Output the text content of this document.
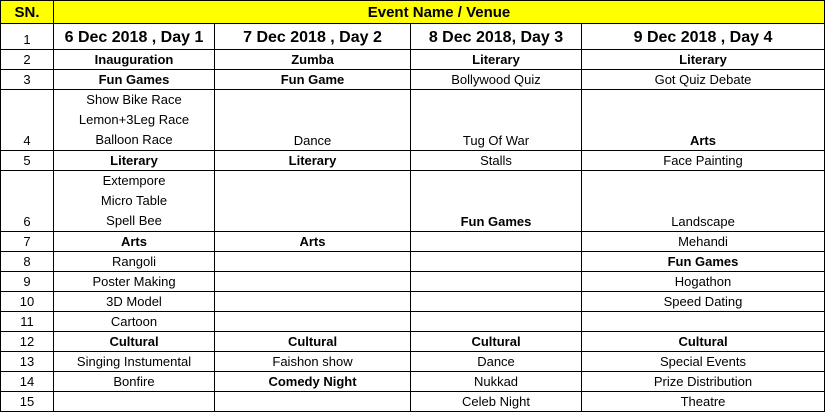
SN.	Event Name / Venue			
1	6 Dec 2018 , Day 1	7 Dec 2018 , Day 2	8 Dec 2018, Day 3	9 Dec 2018 , Day 4
2	Inauguration	Zumba	Literary	Literary
3	Fun Games	Fun Game	Bollywood Quiz	Got Quiz Debate
4	Show Bike Race
Lemon+3Leg Race
Balloon Race	Dance	Tug Of War	Arts
5	Literary	Literary	Stalls	Face Painting
6	Extempore
Micro Table
Spell Bee		Fun Games	Landscape
7	Arts	Arts		Mehandi
8	Rangoli			Fun Games
9	Poster Making			Hogathon
10	3D Model			Speed Dating
11	Cartoon			

12	Cultural	Cultural	Cultural	Cultural
13	Singing Instumental	Faishon show	Dance	Special Events
14	Bonfire	Comedy Night	Nukkad	Prize Distribution
15			Celeb Night	Theatre
